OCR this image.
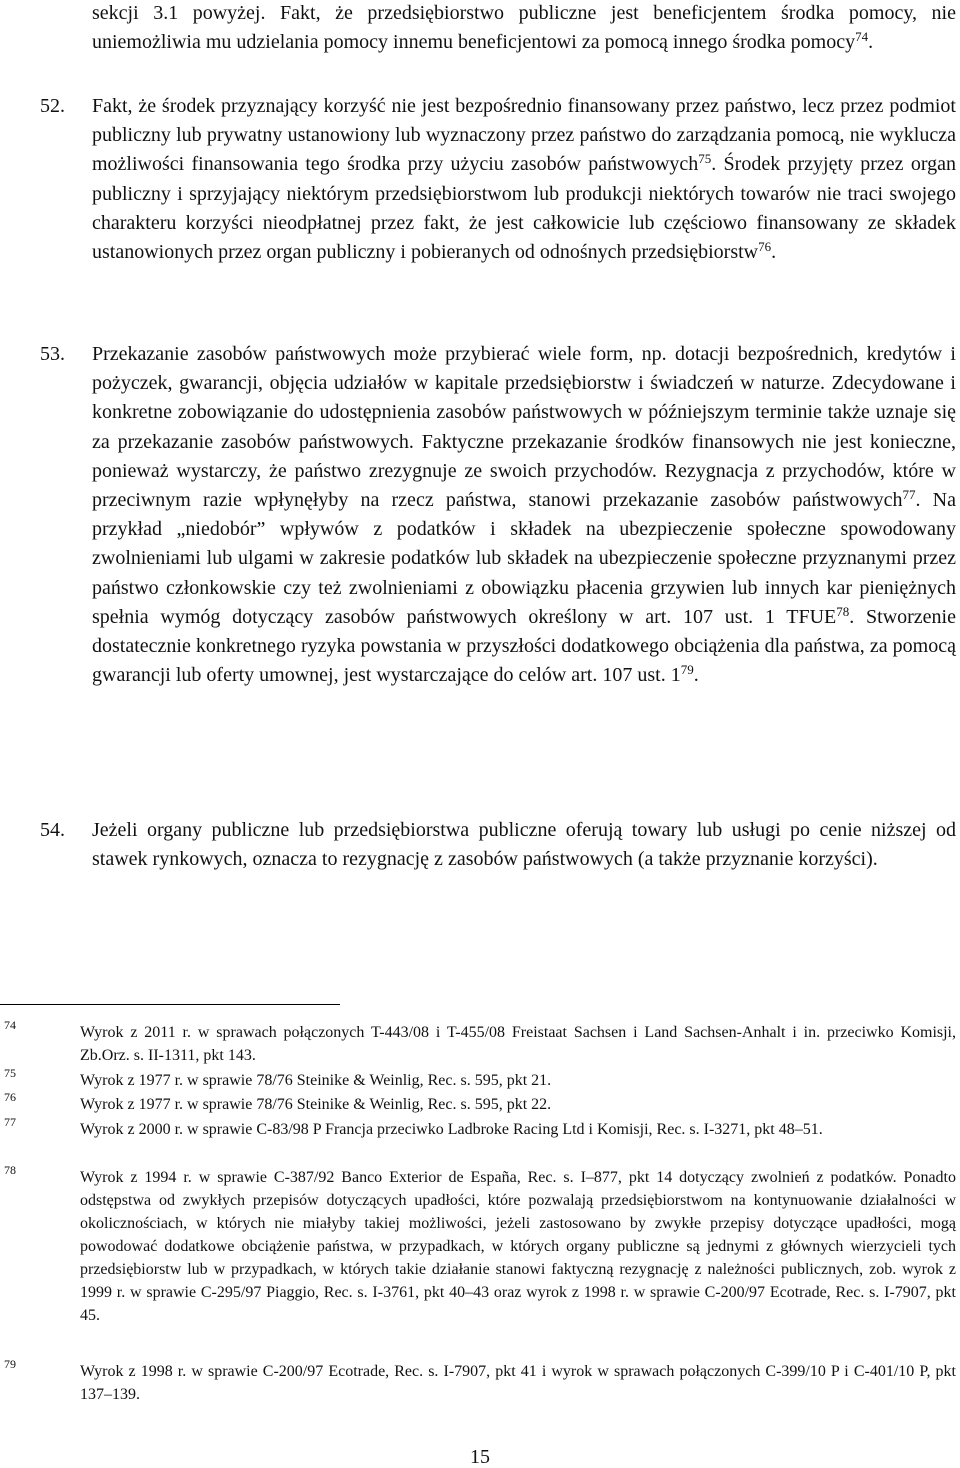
sekcji 3.1 powyżej. Fakt, że przedsiębiorstwo publiczne jest beneficjentem środka pomocy, nie uniemożliwia mu udzielania pomocy innemu beneficjentowi za pomocą innego środka pomocy$^{74}$.
52. Fakt, że środek przyznający korzyść nie jest bezpośrednio finansowany przez państwo, lecz przez podmiot publiczny lub prywatny ustanowiony lub wyznaczony przez państwo do zarządzania pomocą, nie wyklucza możliwości finansowania tego środka przy użyciu zasobów państwowych$^{75}$. Środek przyjęty przez organ publiczny i sprzyjający niektórym przedsiębiorstwom lub produkcji niektórych towarów nie traci swojego charakteru korzyści nieodpłatnej przez fakt, że jest całkowicie lub częściowo finansowany ze składek ustanowionych przez organ publiczny i pobieranych od odnośnych przedsiębiorstw$^{76}$.
53. Przekazanie zasobów państwowych może przybierać wiele form, np. dotacji bezpośrednich, kredytów i pożyczek, gwarancji, objęcia udziałów w kapitale przedsiębiorstw i świadczeń w naturze. Zdecydowane i konkretne zobowiązanie do udostępnienia zasobów państwowych w późniejszym terminie także uznaje się za przekazanie zasobów państwowych. Faktyczne przekazanie środków finansowych nie jest konieczne, ponieważ wystarczy, że państwo zrezygnuje ze swoich przychodów. Rezygnacja z przychodów, które w przeciwnym razie wpłynęłyby na rzecz państwa, stanowi przekazanie zasobów państwowych$^{77}$. Na przykład „niedobór” wpływów z podatków i składek na ubezpieczenie społeczne spowodowany zwolnieniami lub ulgami w zakresie podatków lub składek na ubezpieczenie społeczne przyznanymi przez państwo członkowskie czy też zwolnieniami z obowiązku płacenia grzywien lub innych kar pieniężnych spełnia wymóg dotyczący zasobów państwowych określony w art. 107 ust. 1 TFUE$^{78}$. Stworzenie dostatecznie konkretnego ryzyka powstania w przyszłości dodatkowego obciążenia dla państwa, za pomocą gwarancji lub oferty umownej, jest wystarczające do celów art. 107 ust. $1^{79}$.
54. Jeżeli organy publiczne lub przedsiębiorstwa publiczne oferują towary lub usługi po cenie niższej od stawek rynkowych, oznacza to rezygnację z zasobów państwowych (a także przyznanie korzyści).
74	Wyrok z 2011 r. w sprawach połączonych T-443/08 i T-455/08 Freistaat Sachsen i Land Sachsen-Anhalt i in. przeciwko Komisji, Zb.Orz. s. II-1311, pkt 143.
75	Wyrok z 1977 r. w sprawie 78/76 Steinike & Weinlig, Rec. s. 595, pkt 21.
76	Wyrok z 1977 r. w sprawie 78/76 Steinike & Weinlig, Rec. s. 595, pkt 22.
77	Wyrok z 2000 r. w sprawie C-83/98 P Francja przeciwko Ladbroke Racing Ltd i Komisji, Rec. s. I-3271, pkt 48–51.
78	Wyrok z 1994 r. w sprawie C-387/92 Banco Exterior de España, Rec. s. I–877, pkt 14 dotyczący zwolnień z podatków. Ponadto odstępstwa od zwykłych przepisów dotyczących upadłości, które pozwalają przedsiębiorstwom na kontynuowanie działalności w okolicznościach, w których nie miałyby takiej możliwości, jeżeli zastosowano by zwykłe przepisy dotyczące upadłości, mogą powodować dodatkowe obciążenie państwa, w przypadkach, w których organy publiczne są jednymi z głównych wierzycieli tych przedsiębiorstw lub w przypadkach, w których takie działanie stanowi faktyczną rezygnację z należności publicznych, zob. wyrok z 1999 r. w sprawie C-295/97 Piaggio, Rec. s. I-3761, pkt 40–43 oraz wyrok z 1998 r. w sprawie C-200/97 Ecotrade, Rec. s. I-7907, pkt 45.
79	Wyrok z 1998 r. w sprawie C-200/97 Ecotrade, Rec. s. I-7907, pkt 41 i wyrok w sprawach połączonych C-399/10 P i C-401/10 P, pkt 137–139.
15
